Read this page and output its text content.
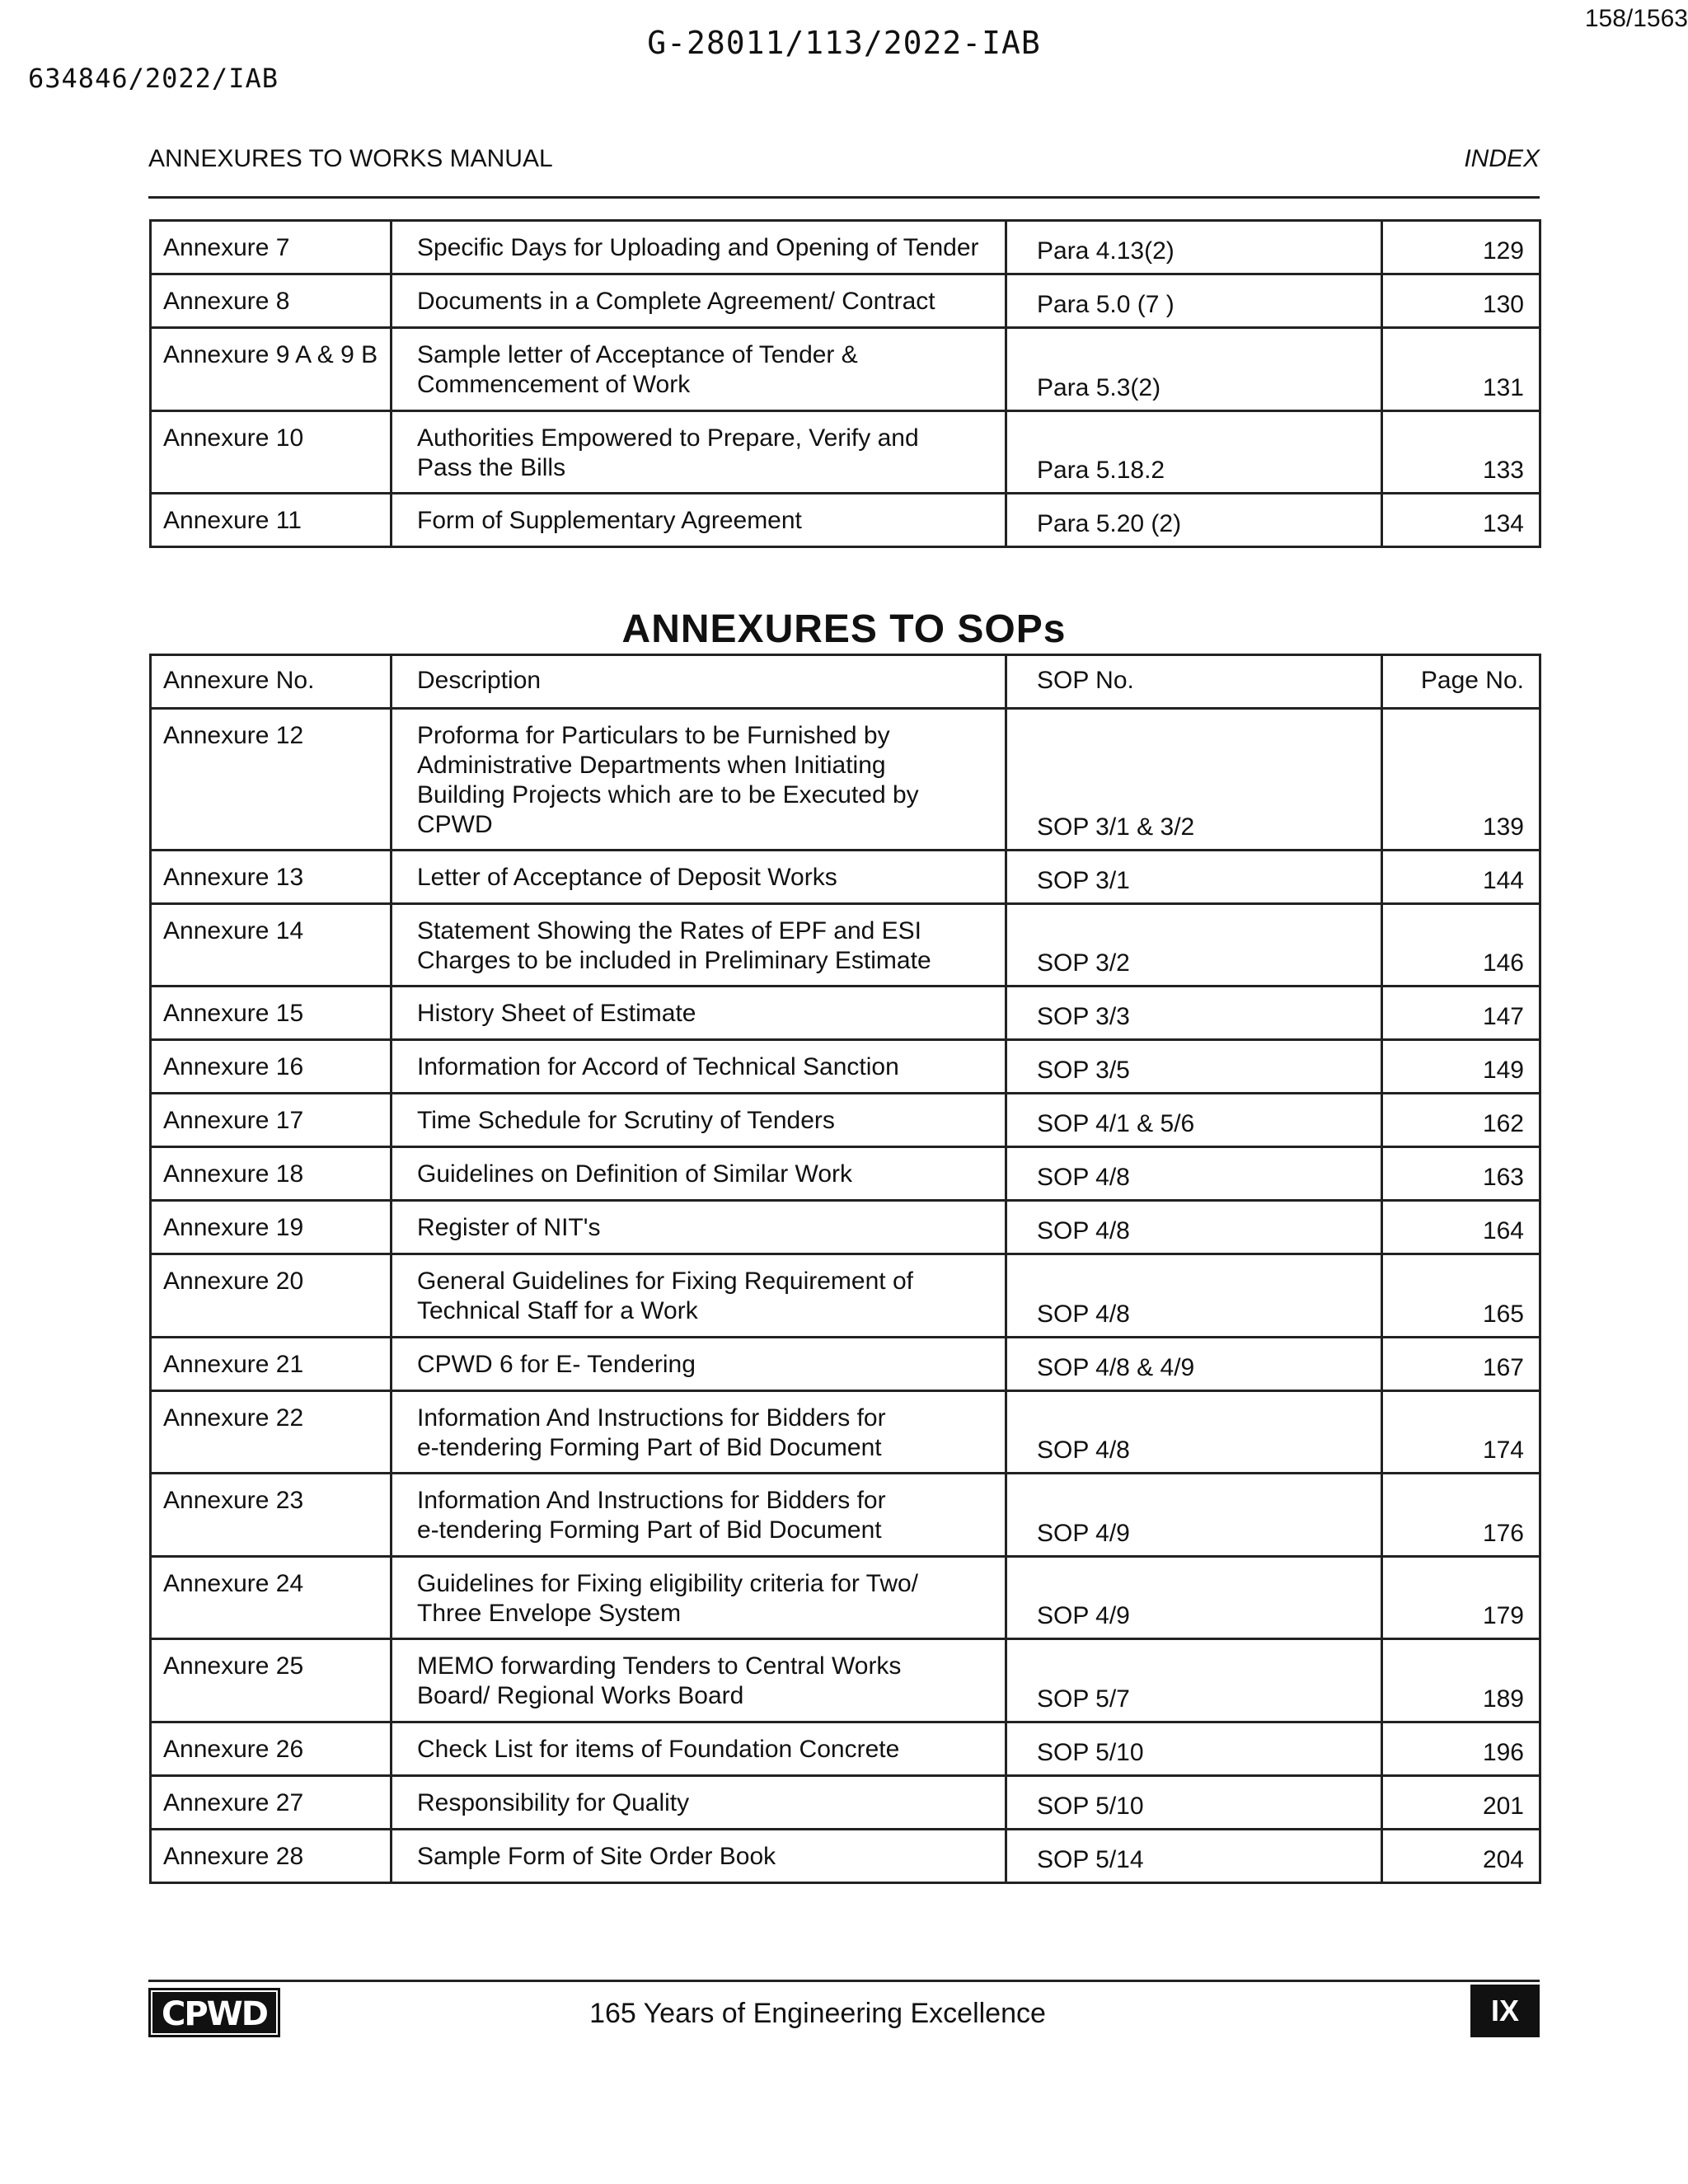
G-28011/113/2022-IAB
158/1563
634846/2022/IAB
ANNEXURES TO WORKS MANUAL	INDEX
Annexure 7	Specific Days for Uploading and Opening of Tender	Para 4.13(2)	129

Annexure 8	Documents in a Complete Agreement/ Contract	Para 5.0 (7 )	130

Annexure 9 A & 9 B	Sample letter of Acceptance of Tender &
Commencement of Work	Para 5.3(2)	131

Annexure 10	Authorities Empowered to Prepare, Verify and
Pass the Bills	Para 5.18.2	133

Annexure 11	Form of Supplementary Agreement	Para 5.20 (2)	134
ANNEXURES TO SOPs
Annexure No.	Description	SOP No.	Page No.

Annexure 12	Proforma for Particulars to be Furnished by
Administrative Departments when Initiating
Building Projects which are to be Executed by
CPWD	SOP 3/1 & 3/2	139

Annexure 13	Letter of Acceptance of Deposit Works	SOP 3/1	144

Annexure 14	Statement Showing the Rates of EPF and ESI
Charges to be included in Preliminary Estimate	SOP 3/2	146

Annexure 15	History Sheet of Estimate	SOP 3/3	147

Annexure 16	Information for Accord of Technical Sanction	SOP 3/5	149

Annexure 17	Time Schedule for Scrutiny of Tenders	SOP 4/1 & 5/6	162

Annexure 18	Guidelines on Definition of Similar Work	SOP 4/8	163

Annexure 19	Register of NIT's	SOP 4/8	164

Annexure 20	General Guidelines for Fixing Requirement of
Technical Staff for a Work	SOP 4/8	165

Annexure 21	CPWD 6 for E- Tendering	SOP 4/8 & 4/9	167

Annexure 22	Information And Instructions for Bidders for
e-tendering Forming Part of Bid Document	SOP 4/8	174

Annexure 23	Information And Instructions for Bidders for
e-tendering Forming Part of Bid Document	SOP 4/9	176

Annexure 24	Guidelines for Fixing eligibility criteria for Two/
Three Envelope System	SOP 4/9	179

Annexure 25	MEMO forwarding Tenders to Central Works
Board/ Regional Works Board	SOP 5/7	189

Annexure 26	Check List for items of Foundation Concrete	SOP 5/10	196

Annexure 27	Responsibility for Quality	SOP 5/10	201

Annexure 28	Sample Form of Site Order Book	SOP 5/14	204
CPWD	165 Years of Engineering Excellence	IX
